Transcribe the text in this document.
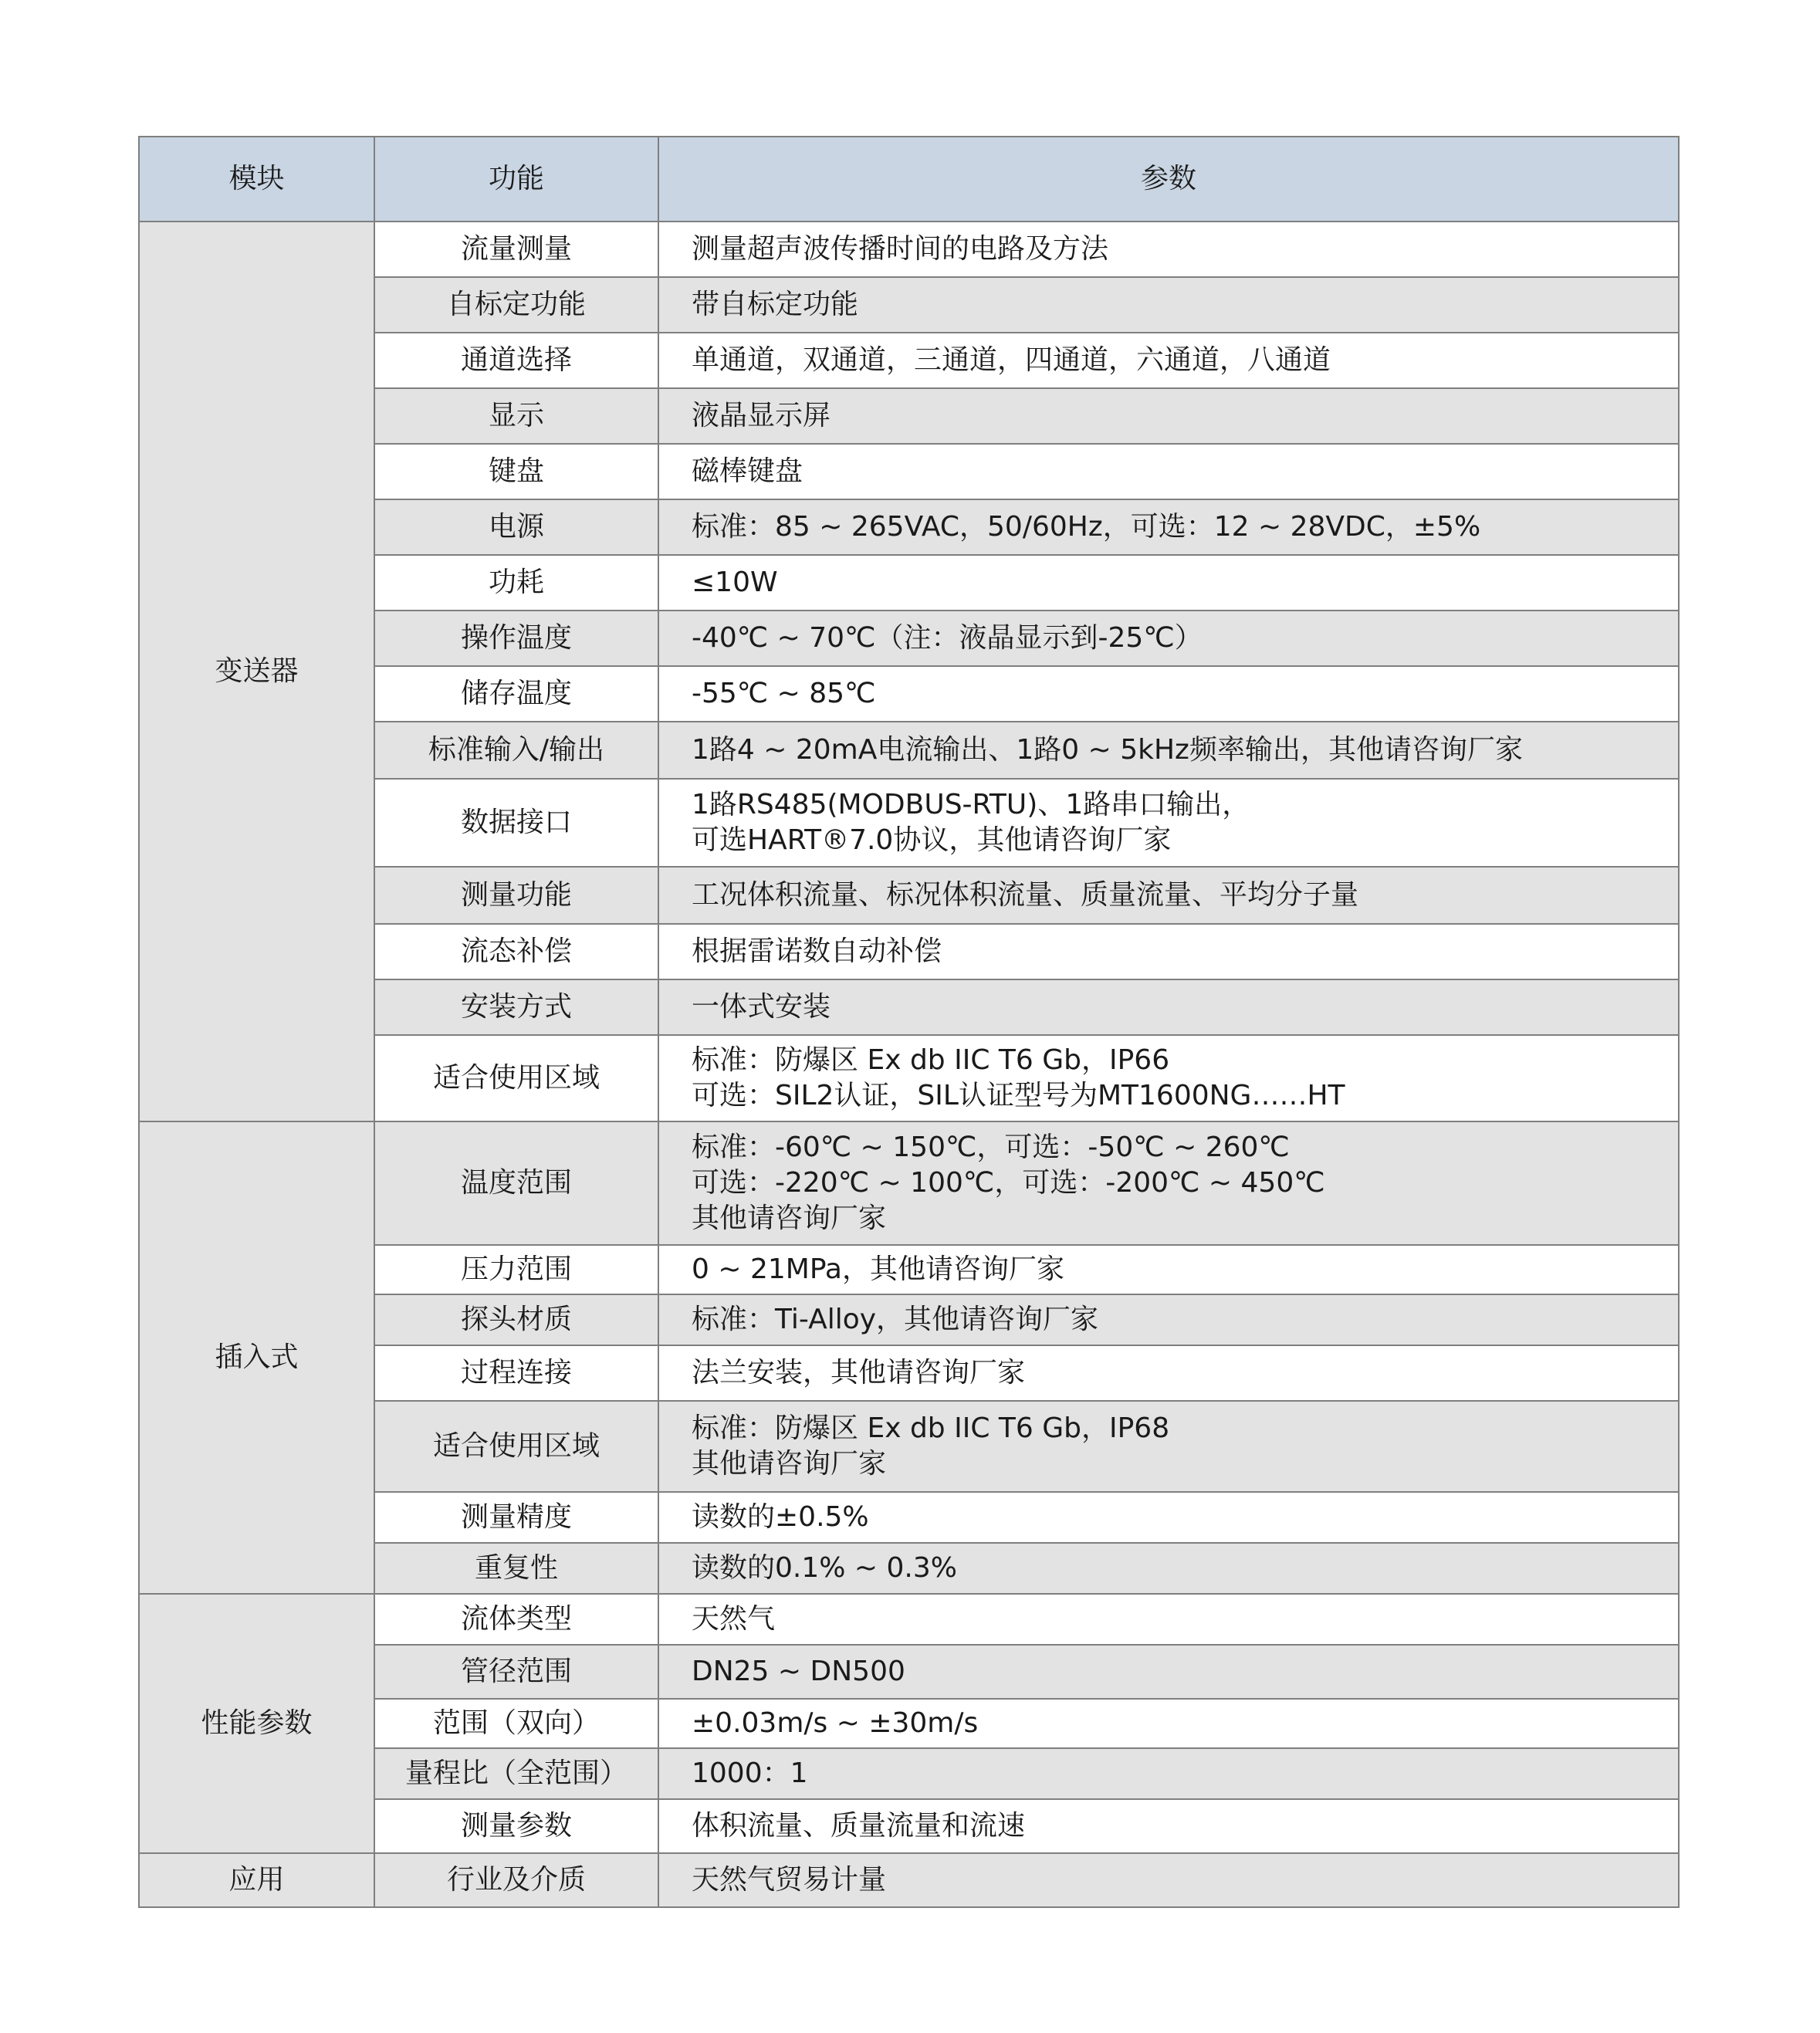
模块	功能	参数
变送器	流量测量	测量超声波传播时间的电路及方法

	自标定功能	带自标定功能

	通道选择	单通道，双通道，三通道，四通道，六通道，八通道

	显示	液晶显示屏

	键盘	磁棒键盘

	电源	标准：85 ~ 265VAC，50/60Hz，可选：12 ~ 28VDC，±5%

	功耗	≤10W

	操作温度	-40℃ ~ 70℃（注：液晶显示到-25℃）

	储存温度	-55℃ ~ 85℃

	标准输入/输出	1路4 ~ 20mA电流输出、1路0 ~ 5kHz频率输出，其他请咨询厂家

	数据接口	1路RS485(MODBUS-RTU)、1路串口输出，
可选HART®7.0协议，其他请咨询厂家

	测量功能	工况体积流量、标况体积流量、质量流量、平均分子量

	流态补偿	根据雷诺数自动补偿

	安装方式	一体式安装

	适合使用区域	标准：防爆区 Ex db IIC T6 Gb，IP66
可选：SIL2认证，SIL认证型号为MT1600NG……HT

插入式	温度范围	标准：-60℃ ~ 150℃，可选：-50℃ ~ 260℃
可选：-220℃ ~ 100℃，可选：-200℃ ~ 450℃
其他请咨询厂家

	压力范围	0 ~ 21MPa，其他请咨询厂家

	探头材质	标准：Ti-Alloy，其他请咨询厂家

	过程连接	法兰安装，其他请咨询厂家

	适合使用区域	标准：防爆区 Ex db IIC T6 Gb，IP68
其他请咨询厂家

	测量精度	读数的±0.5%

	重复性	读数的0.1% ~ 0.3%

性能参数	流体类型	天然气

	管径范围	DN25 ~ DN500

	范围（双向）	±0.03m/s ~ ±30m/s

	量程比（全范围）	1000：1

	测量参数	体积流量、质量流量和流速

应用	行业及介质	天然气贸易计量
